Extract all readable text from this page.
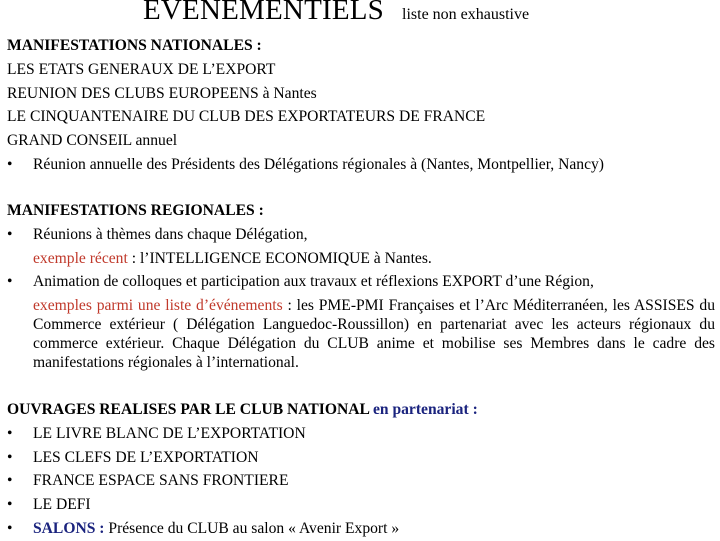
EVENEMENTIELS liste non exhaustive
MANIFESTATIONS NATIONALES :
LES ETATS GENERAUX DE L’EXPORT
REUNION DES CLUBS EUROPEENS à Nantes
LE CINQUANTENAIRE DU CLUB DES EXPORTATEURS DE FRANCE
GRAND CONSEIL annuel
•	Réunion annuelle des Présidents des Délégations régionales à (Nantes, Montpellier, Nancy)
MANIFESTATIONS REGIONALES :
•	Réunions à thèmes dans chaque Délégation,
exemple récent : l’INTELLIGENCE ECONOMIQUE à Nantes.
•	Animation de colloques et participation aux travaux et réflexions EXPORT d’une Région,
exemples parmi une liste d’événements : les PME-PMI Françaises et l’Arc Méditerranéen, les ASSISES du Commerce extérieur ( Délégation Languedoc-Roussillon) en partenariat avec les acteurs régionaux du commerce extérieur. Chaque Délégation du CLUB anime et mobilise ses Membres dans le cadre des manifestations régionales à l’international.
OUVRAGES REALISES PAR LE CLUB NATIONAL en partenariat :
•	LE LIVRE BLANC DE L’EXPORTATION
•	LES CLEFS DE L’EXPORTATION
•	FRANCE ESPACE SANS FRONTIERE
•	LE DEFI
•	SALONS : Présence du CLUB au salon « Avenir Export »
